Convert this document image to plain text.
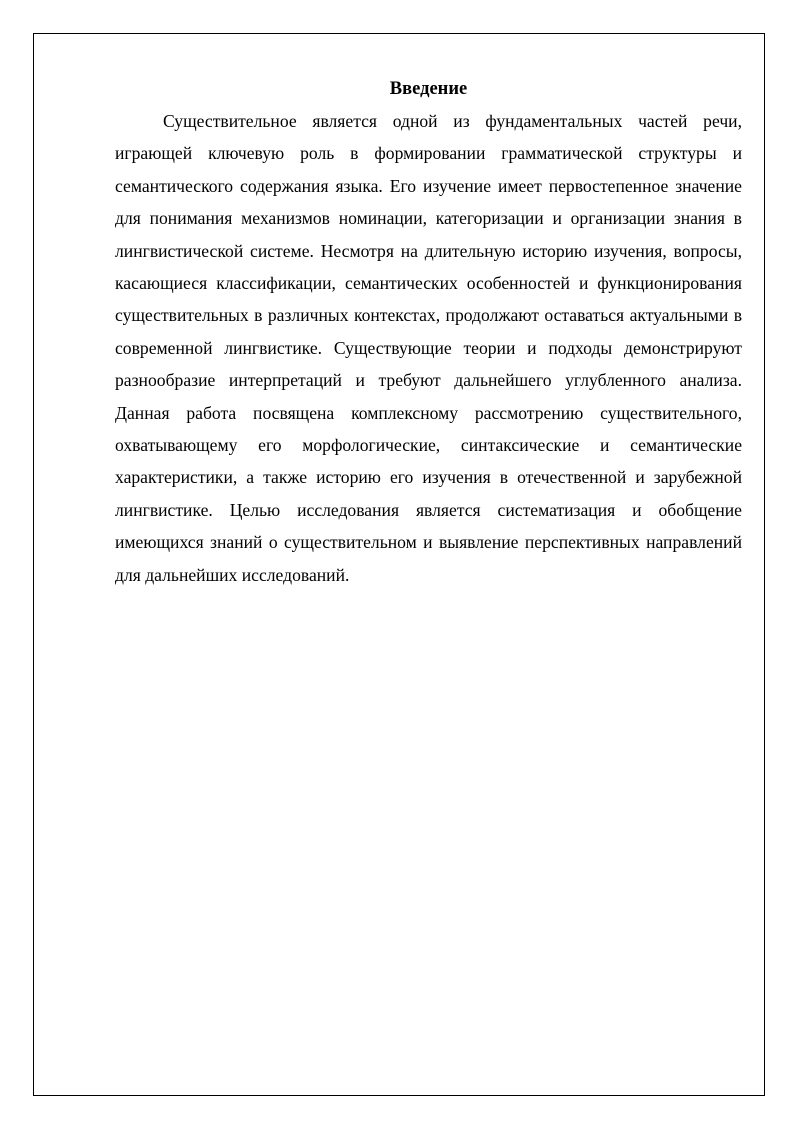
Введение

Существительное является одной из фундаментальных частей речи, играющей ключевую роль в формировании грамматической структуры и семантического содержания языка. Его изучение имеет первостепенное значение для понимания механизмов номинации, категоризации и организации знания в лингвистической системе. Несмотря на длительную историю изучения, вопросы, касающиеся классификации, семантических особенностей и функционирования существительных в различных контекстах, продолжают оставаться актуальными в современной лингвистике. Существующие теории и подходы демонстрируют разнообразие интерпретаций и требуют дальнейшего углубленного анализа. Данная работа посвящена комплексному рассмотрению существительного, охватывающему его морфологические, синтаксические и семантические характеристики, а также историю его изучения в отечественной и зарубежной лингвистике. Целью исследования является систематизация и обобщение имеющихся знаний о существительном и выявление перспективных направлений для дальнейших исследований.
